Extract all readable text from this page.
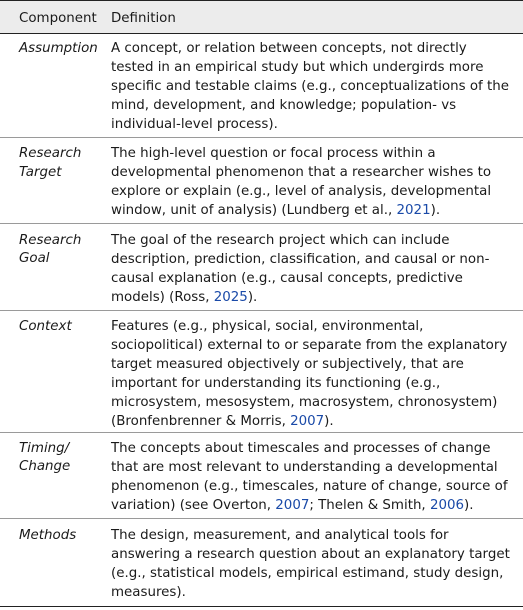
Component Definition
Assumption A concept, or relation between concepts, not directly
tested in an empirical study but which undergirds more
specific and testable claims (e.g., conceptualizations of the
mind, development, and knowledge; population- vs
individual-level process).
Research
Target
The high-level question or focal process within a
developmental phenomenon that a researcher wishes to
explore or explain (e.g., level of analysis, developmental
window, unit of analysis) (Lundberg et al., 2021).
Research
Goal
The goal of the research project which can include
description, prediction, classification, and causal or non-
causal explanation (e.g., causal concepts, predictive
models) (Ross, 2025).
Context	Features (e.g., physical, social, environmental,
sociopolitical) external to or separate from the explanatory
target measured objectively or subjectively, that are
important for understanding its functioning (e.g.,
microsystem, mesosystem, macrosystem, chronosystem)
(Bronfenbrenner & Morris, 2007).
Timing/
Change
The concepts about timescales and processes of change
that are most relevant to understanding a developmental
phenomenon (e.g., timescales, nature of change, source of
variation) (see Overton, 2007; Thelen & Smith, 2006).
Methods	The design, measurement, and analytical tools for
answering a research question about an explanatory target
(e.g., statistical models, empirical estimand, study design,
measures).
